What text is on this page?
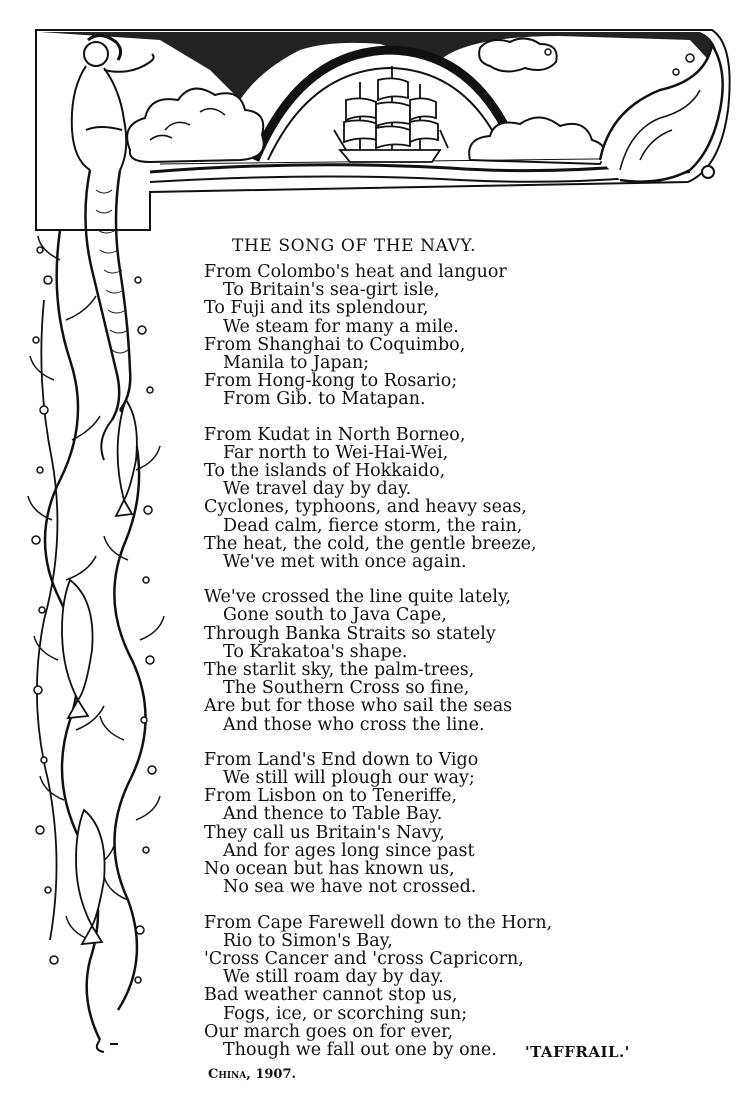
THE SONG OF THE NAVY.
From Colombo's heat and languor
To Britain's sea-girt isle,
To Fuji and its splendour,
We steam for many a mile.
From Shanghai to Coquimbo,
Manila to Japan;
From Hong-kong to Rosario;
From Gib. to Matapan.
From Kudat in North Borneo,
Far north to Wei-Hai-Wei,
To the islands of Hokkaido,
We travel day by day.
Cyclones, typhoons, and heavy seas,
Dead calm, fierce storm, the rain,
The heat, the cold, the gentle breeze,
We've met with once again.
We've crossed the line quite lately,
Gone south to Java Cape,
Through Banka Straits so stately
To Krakatoa's shape.
The starlit sky, the palm-trees,
The Southern Cross so fine,
Are but for those who sail the seas
And those who cross the line.
From Land's End down to Vigo
We still will plough our way;
From Lisbon on to Teneriffe,
And thence to Table Bay.
They call us Britain's Navy,
And for ages long since past
No ocean but has known us,
No sea we have not crossed.
From Cape Farewell down to the Horn,
Rio to Simon's Bay,
'Cross Cancer and 'cross Capricorn,
We still roam day by day.
Bad weather cannot stop us,
Fogs, ice, or scorching sun;
Our march goes on for ever,
Though we fall out one by one.	'TAFFRAIL.'
China, 1907.
